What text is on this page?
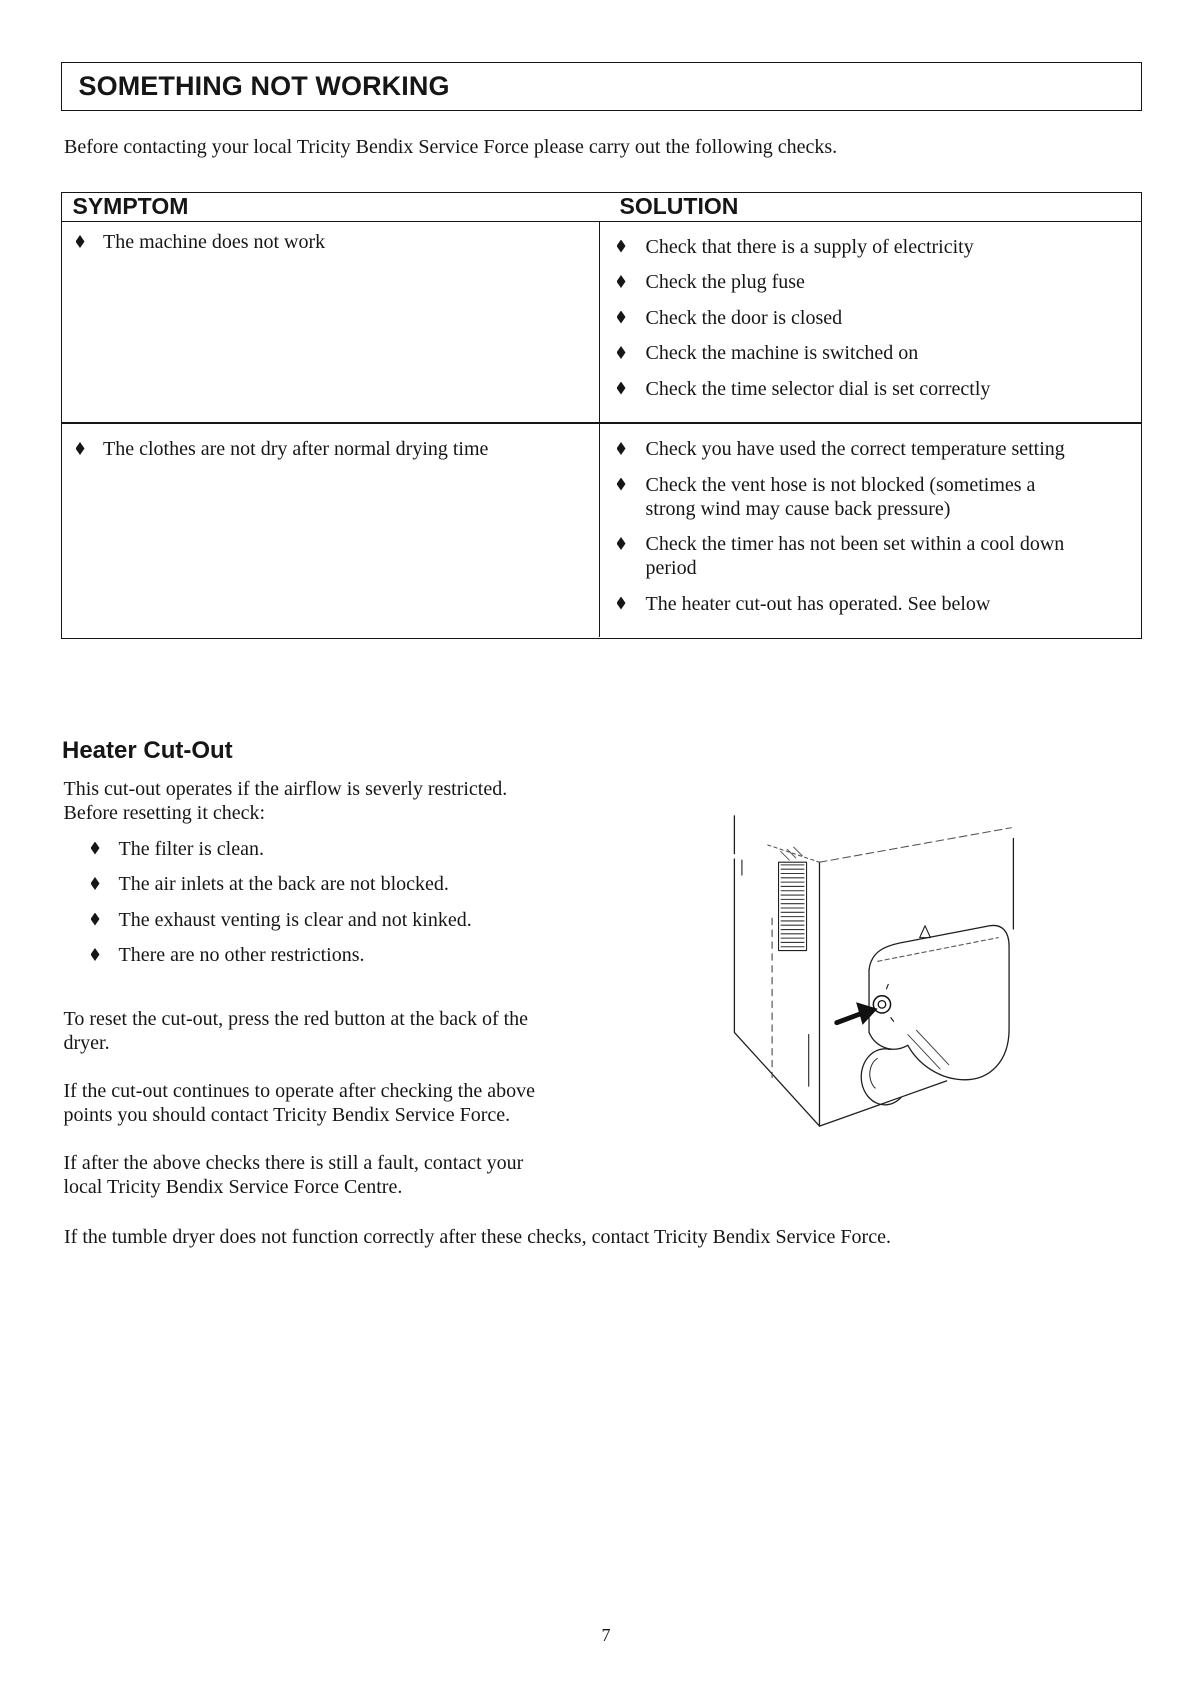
SOMETHING NOT WORKING
Before contacting your local Tricity Bendix Service Force please carry out the following checks.
SYMPTOM	SOLUTION
The machine does not work	Check that there is a supply of electricity
Check the plug fuse
Check the door is closed
Check the machine is switched on
Check the time selector dial is set correctly
The clothes are not dry after normal drying time	Check you have used the correct temperature setting
Check the vent hose is not blocked (sometimes a
strong wind may cause back pressure)
Check the timer has not been set within a cool down
period
The heater cut-out has operated. See below
Heater Cut-Out
This cut-out operates if the airflow is severly restricted.
Before resetting it check:
The filter is clean.
The air inlets at the back are not blocked.
The exhaust venting is clear and not kinked.
There are no other restrictions.
To reset the cut-out, press the red button at the back of the
dryer.
If the cut-out continues to operate after checking the above
points you should contact Tricity Bendix Service Force.
If after the above checks there is still a fault, contact your
local Tricity Bendix Service Force Centre.
If the tumble dryer does not function correctly after these checks, contact Tricity Bendix Service Force.
7
